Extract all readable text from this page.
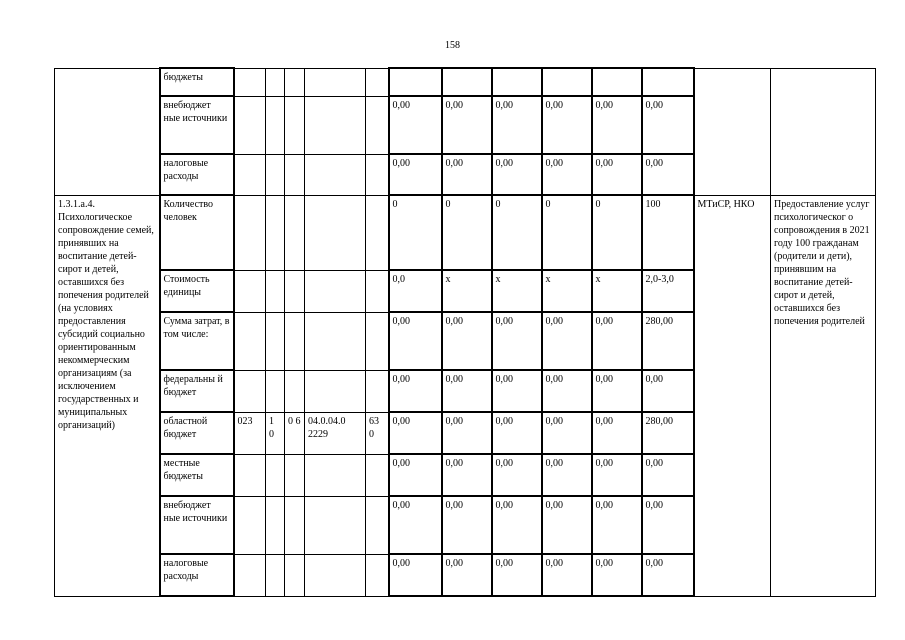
158
	бюджеты													
	внебюджет ные источники						0,00	0,00	0,00	0,00	0,00	0,00		
	налоговые расходы						0,00	0,00	0,00	0,00	0,00	0,00		
1.3.1.а.4. Психологическое сопровождение семей, принявших на воспитание детей-сирот и детей, оставшихся без попечения родителей (на условиях предоставления субсидий социально ориентированным некоммерческим организациям (за исключением государственных и муниципальных организаций)	Количество человек						0	0	0	0	0	100	МТиСР, НКО	Предоставление услуг психологическог о сопровождения в 2021 году 100 гражданам (родители и дети), принявшим на воспитание детей-сирот и детей, оставшихся без попечения родителей
	Стоимость единицы						0,0	х	х	х	х	2,0-3,0		
	Сумма затрат, в том числе:						0,00	0,00	0,00	0,00	0,00	280,00		
	федеральны й бюджет						0,00	0,00	0,00	0,00	0,00	0,00		
	областной бюджет	023	1 0	0 6	04.0.04.0 2229	63 0	0,00	0,00	0,00	0,00	0,00	280,00		
	местные бюджеты						0,00	0,00	0,00	0,00	0,00	0,00		
	внебюджет ные источники						0,00	0,00	0,00	0,00	0,00	0,00		
	налоговые расходы						0,00	0,00	0,00	0,00	0,00	0,00		
